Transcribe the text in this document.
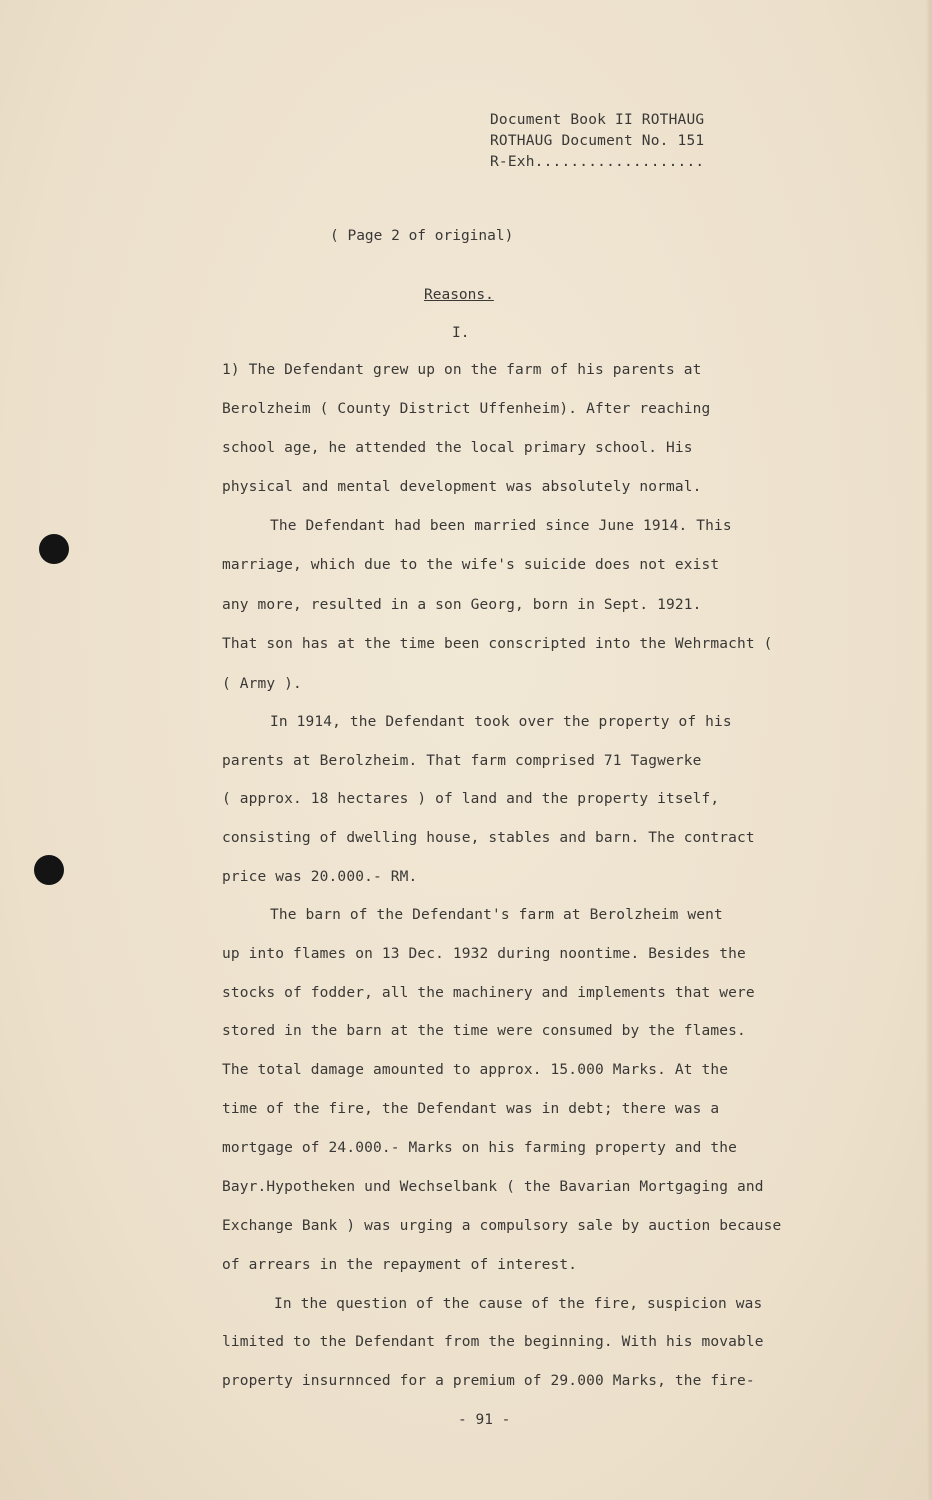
Document Book II ROTHAUG
ROTHAUG Document No. 151
R-Exh...................
( Page 2 of original)
Reasons.
I.
1) The Defendant grew up on the farm of his parents at
Berolzheim ( County District Uffenheim). After reaching
school age, he attended the local primary school. His
physical and mental development was absolutely normal.
The Defendant had been married since June 1914. This
marriage, which due to the wife's suicide does not exist
any more, resulted in a son Georg, born in Sept. 1921.
That son has at the time been conscripted into the Wehrmacht (
( Army ).
In 1914, the Defendant took over the property of his
parents at Berolzheim. That farm comprised 71 Tagwerke
( approx. 18 hectares ) of land and the property itself,
consisting of dwelling house, stables and barn. The contract
price was 20.000.- RM.
The barn of the Defendant's farm at Berolzheim went
up into flames on 13 Dec. 1932 during noontime. Besides the
stocks of fodder, all the machinery and implements that were
stored in the barn at the time were consumed by the flames.
The total damage amounted to approx. 15.000 Marks. At the
time of the fire, the Defendant was in debt; there was a
mortgage of 24.000.- Marks on his farming property and the
Bayr.Hypotheken und Wechselbank ( the Bavarian Mortgaging and
Exchange Bank ) was urging a compulsory sale by auction because
of arrears in the repayment of interest.
In the question of the cause of the fire, suspicion was
limited to the Defendant from the beginning. With his movable
property insurnnced for a premium of 29.000 Marks, the fire-
- 91 -
